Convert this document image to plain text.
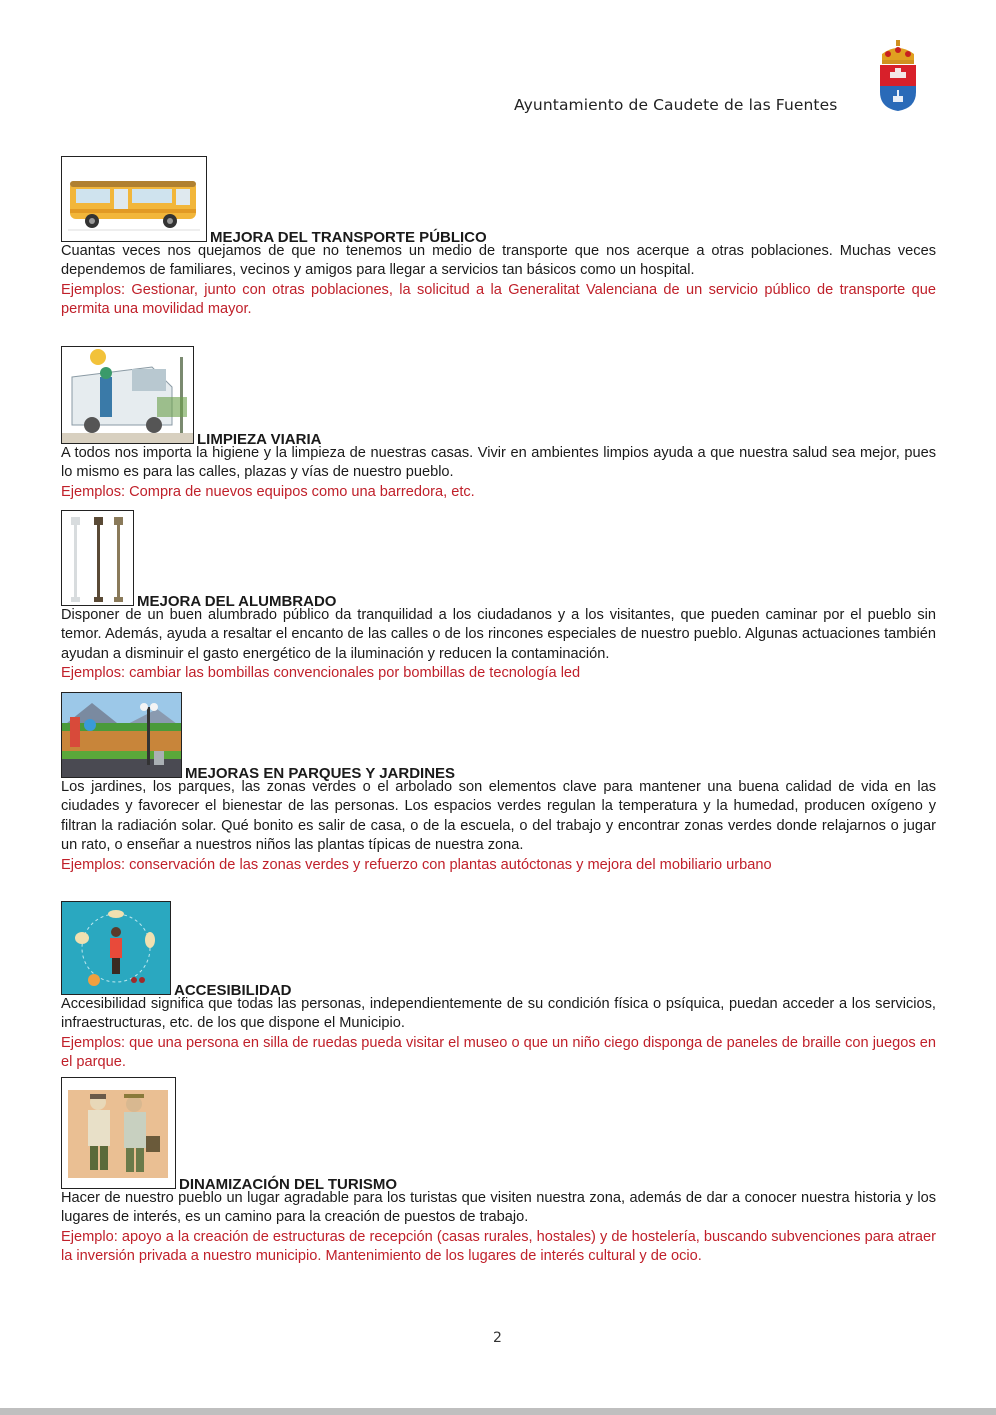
Ayuntamiento de Caudete de las Fuentes
MEJORA DEL TRANSPORTE PÚBLICO

Cuantas veces nos quejamos de que no tenemos un medio de transporte que nos acerque a otras poblaciones. Muchas veces dependemos de familiares, vecinos y amigos para llegar a servicios tan básicos como un hospital.

Ejemplos: Gestionar, junto con otras poblaciones, la solicitud a la Generalitat Valenciana de un servicio público de transporte que permita una movilidad mayor.

LIMPIEZA VIARIA

A todos nos importa la higiene y la limpieza de nuestras casas. Vivir en ambientes limpios ayuda a que nuestra salud sea mejor, pues lo mismo es para las calles, plazas y vías de nuestro pueblo.

Ejemplos: Compra de nuevos equipos como una barredora, etc.

MEJORA DEL ALUMBRADO

Disponer de un buen alumbrado público da tranquilidad a los ciudadanos y a los visitantes, que pueden caminar por el pueblo sin temor. Además, ayuda a resaltar el encanto de las calles o de los rincones especiales de nuestro pueblo. Algunas actuaciones también ayudan a disminuir el gasto energético de la iluminación y reducen la contaminación.

Ejemplos: cambiar las bombillas convencionales por bombillas de tecnología led

MEJORAS EN PARQUES Y JARDINES

Los jardines, los parques, las zonas verdes o el arbolado son elementos clave para mantener una buena calidad de vida en las ciudades y favorecer el bienestar de las personas. Los espacios verdes regulan la temperatura y la humedad, producen oxígeno y filtran la radiación solar. Qué bonito es salir de casa, o de la escuela, o del trabajo y encontrar zonas verdes donde relajarnos o jugar un rato, o enseñar a nuestros niños las plantas típicas de nuestra zona.

Ejemplos: conservación de las zonas verdes y refuerzo con plantas autóctonas y mejora del mobiliario urbano

ACCESIBILIDAD

Accesibilidad significa que todas las personas, independientemente de su condición física o psíquica, puedan acceder a los servicios, infraestructuras, etc. de los que dispone el Municipio.

Ejemplos: que una persona en silla de ruedas pueda visitar el museo o que un niño ciego disponga de paneles de braille con juegos en el parque.

DINAMIZACIÓN DEL TURISMO

Hacer de nuestro pueblo un lugar agradable para los turistas que visiten nuestra zona, además de dar a conocer nuestra historia y los lugares de interés, es un camino para la creación de puestos de trabajo.

Ejemplo: apoyo a la creación de estructuras de recepción (casas rurales, hostales) y de hostelería, buscando subvenciones para atraer la inversión privada a nuestro municipio. Mantenimiento de los lugares de interés cultural y de ocio.

2
